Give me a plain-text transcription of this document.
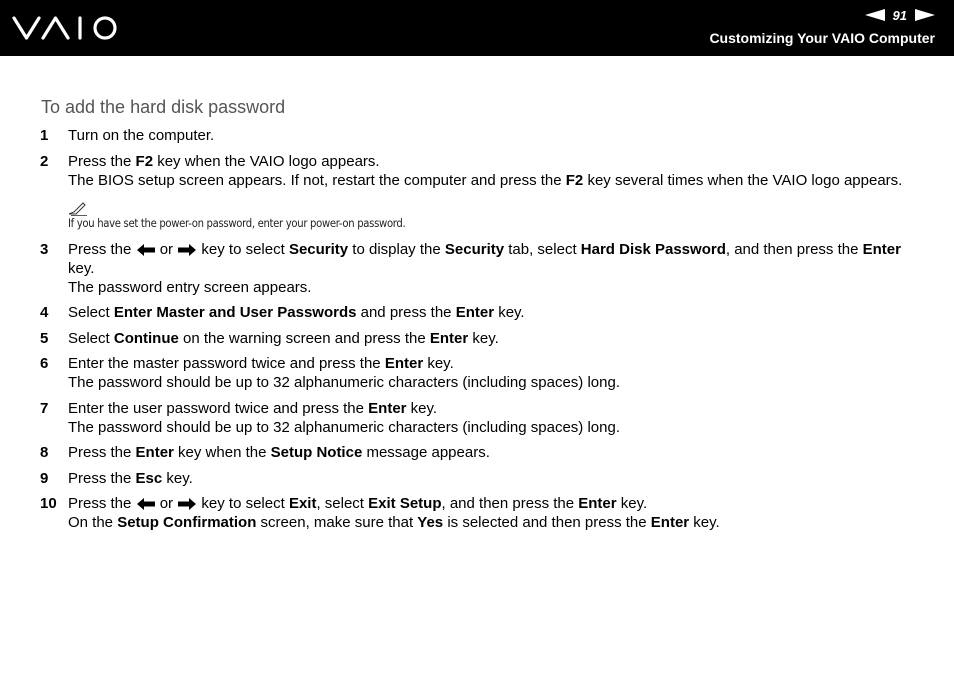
91
Customizing Your VAIO Computer
To add the hard disk password
1 Turn on the computer.
2 Press the F2 key when the VAIO logo appears.
The BIOS setup screen appears. If not, restart the computer and press the F2 key several times when the VAIO logo appears.
If you have set the power-on password, enter your power-on password.
3 Press the  or  key to select Security to display the Security tab, select Hard Disk Password, and then press the Enter key.
The password entry screen appears.
4 Select Enter Master and User Passwords and press the Enter key.
5 Select Continue on the warning screen and press the Enter key.
6 Enter the master password twice and press the Enter key.
The password should be up to 32 alphanumeric characters (including spaces) long.
7 Enter the user password twice and press the Enter key.
The password should be up to 32 alphanumeric characters (including spaces) long.
8 Press the Enter key when the Setup Notice message appears.
9 Press the Esc key.
10 Press the  or  key to select Exit, select Exit Setup, and then press the Enter key.
On the Setup Confirmation screen, make sure that Yes is selected and then press the Enter key.
